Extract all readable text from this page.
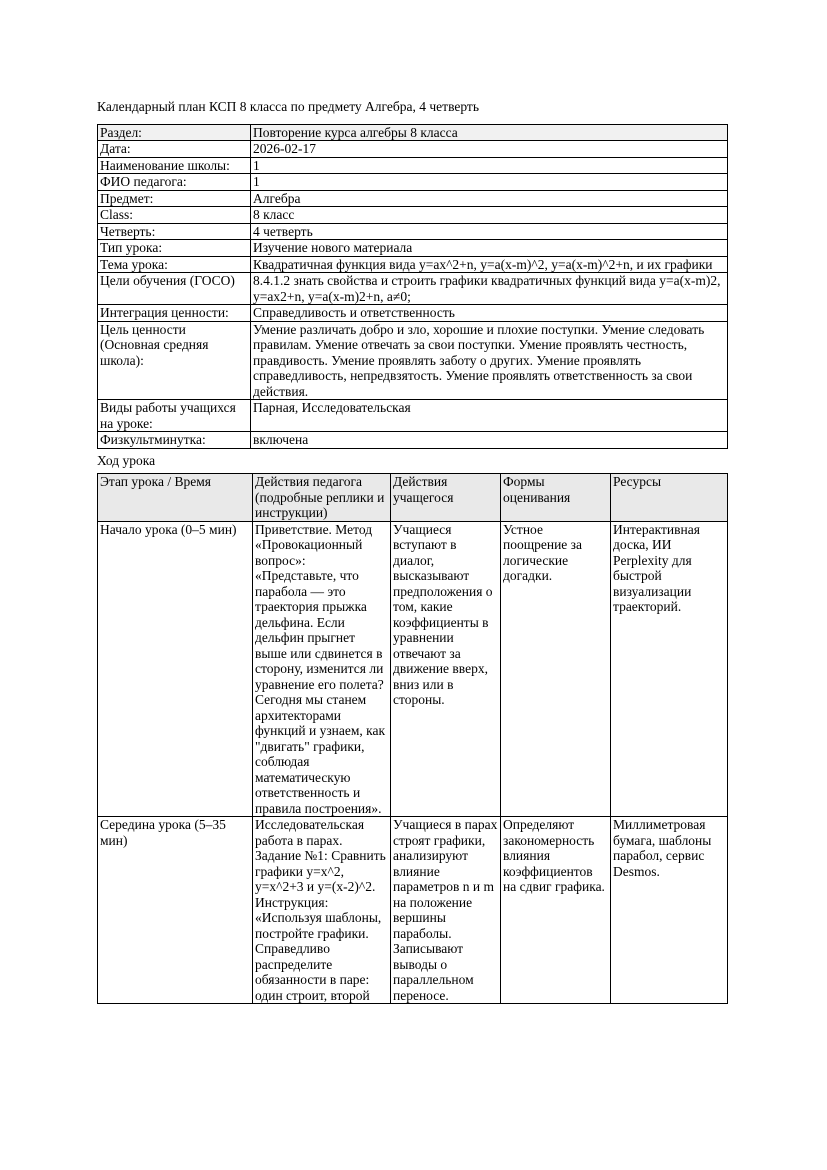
Календарный план КСП 8 класса по предмету Алгебра, 4 четверть
Раздел:	Повторение курса алгебры 8 класса
Дата:	2026-02-17
Наименование школы:	1
ФИО педагога:	1
Предмет:	Алгебра
Class:	8 класс
Четверть:	4 четверть
Тип урока:	Изучение нового материала
Тема урока:	Квадратичная функция вида y=ax^2+n, y=a(x-m)^2, y=a(x-m)^2+n, и их графики
Цели обучения (ГОСО)	8.4.1.2 знать свойства и строить графики квадратичных функций вида y=a(x-m)2, y=ax2+n, y=a(x-m)2+n, a≠0;
Интеграция ценности:	Справедливость и ответственность
Цель ценности (Основная средняя школа):	Умение различать добро и зло, хорошие и плохие поступки. Умение следовать правилам. Умение отвечать за свои поступки. Умение проявлять честность, правдивость. Умение проявлять заботу о других. Умение проявлять справедливость, непредвзятость. Умение проявлять ответственность за свои действия.
Виды работы учащихся на уроке:	Парная, Исследовательская
Физкультминутка:	включена
Ход урока
Этап урока / Время	Действия педагога (подробные реплики и инструкции)	Действия учащегося	Формы оценивания	Ресурсы
Начало урока (0–5 мин)	Приветствие. Метод «Провокационный вопрос»: «Представьте, что парабола — это траектория прыжка дельфина. Если дельфин прыгнет выше или сдвинется в сторону, изменится ли уравнение его полета? Сегодня мы станем архитекторами функций и узнаем, как "двигать" графики, соблюдая математическую ответственность и правила построения».	Учащиеся вступают в диалог, высказывают предположения о том, какие коэффициенты в уравнении отвечают за движение вверх, вниз или в стороны.	Устное поощрение за логические догадки.	Интерактивная доска, ИИ Perplexity для быстрой визуализации траекторий.
Середина урока (5–35 мин)	Исследовательская работа в парах. Задание №1: Сравнить графики y=x^2, y=x^2+3 и y=(x-2)^2. Инструкция: «Используя шаблоны, постройте графики. Справедливо распределите обязанности в паре: один строит, второй	Учащиеся в парах строят графики, анализируют влияние параметров n и m на положение вершины параболы. Записывают выводы о параллельном переносе.	Определяют закономерность влияния коэффициентов на сдвиг графика.	Миллиметровая бумага, шаблоны парабол, сервис Desmos.
